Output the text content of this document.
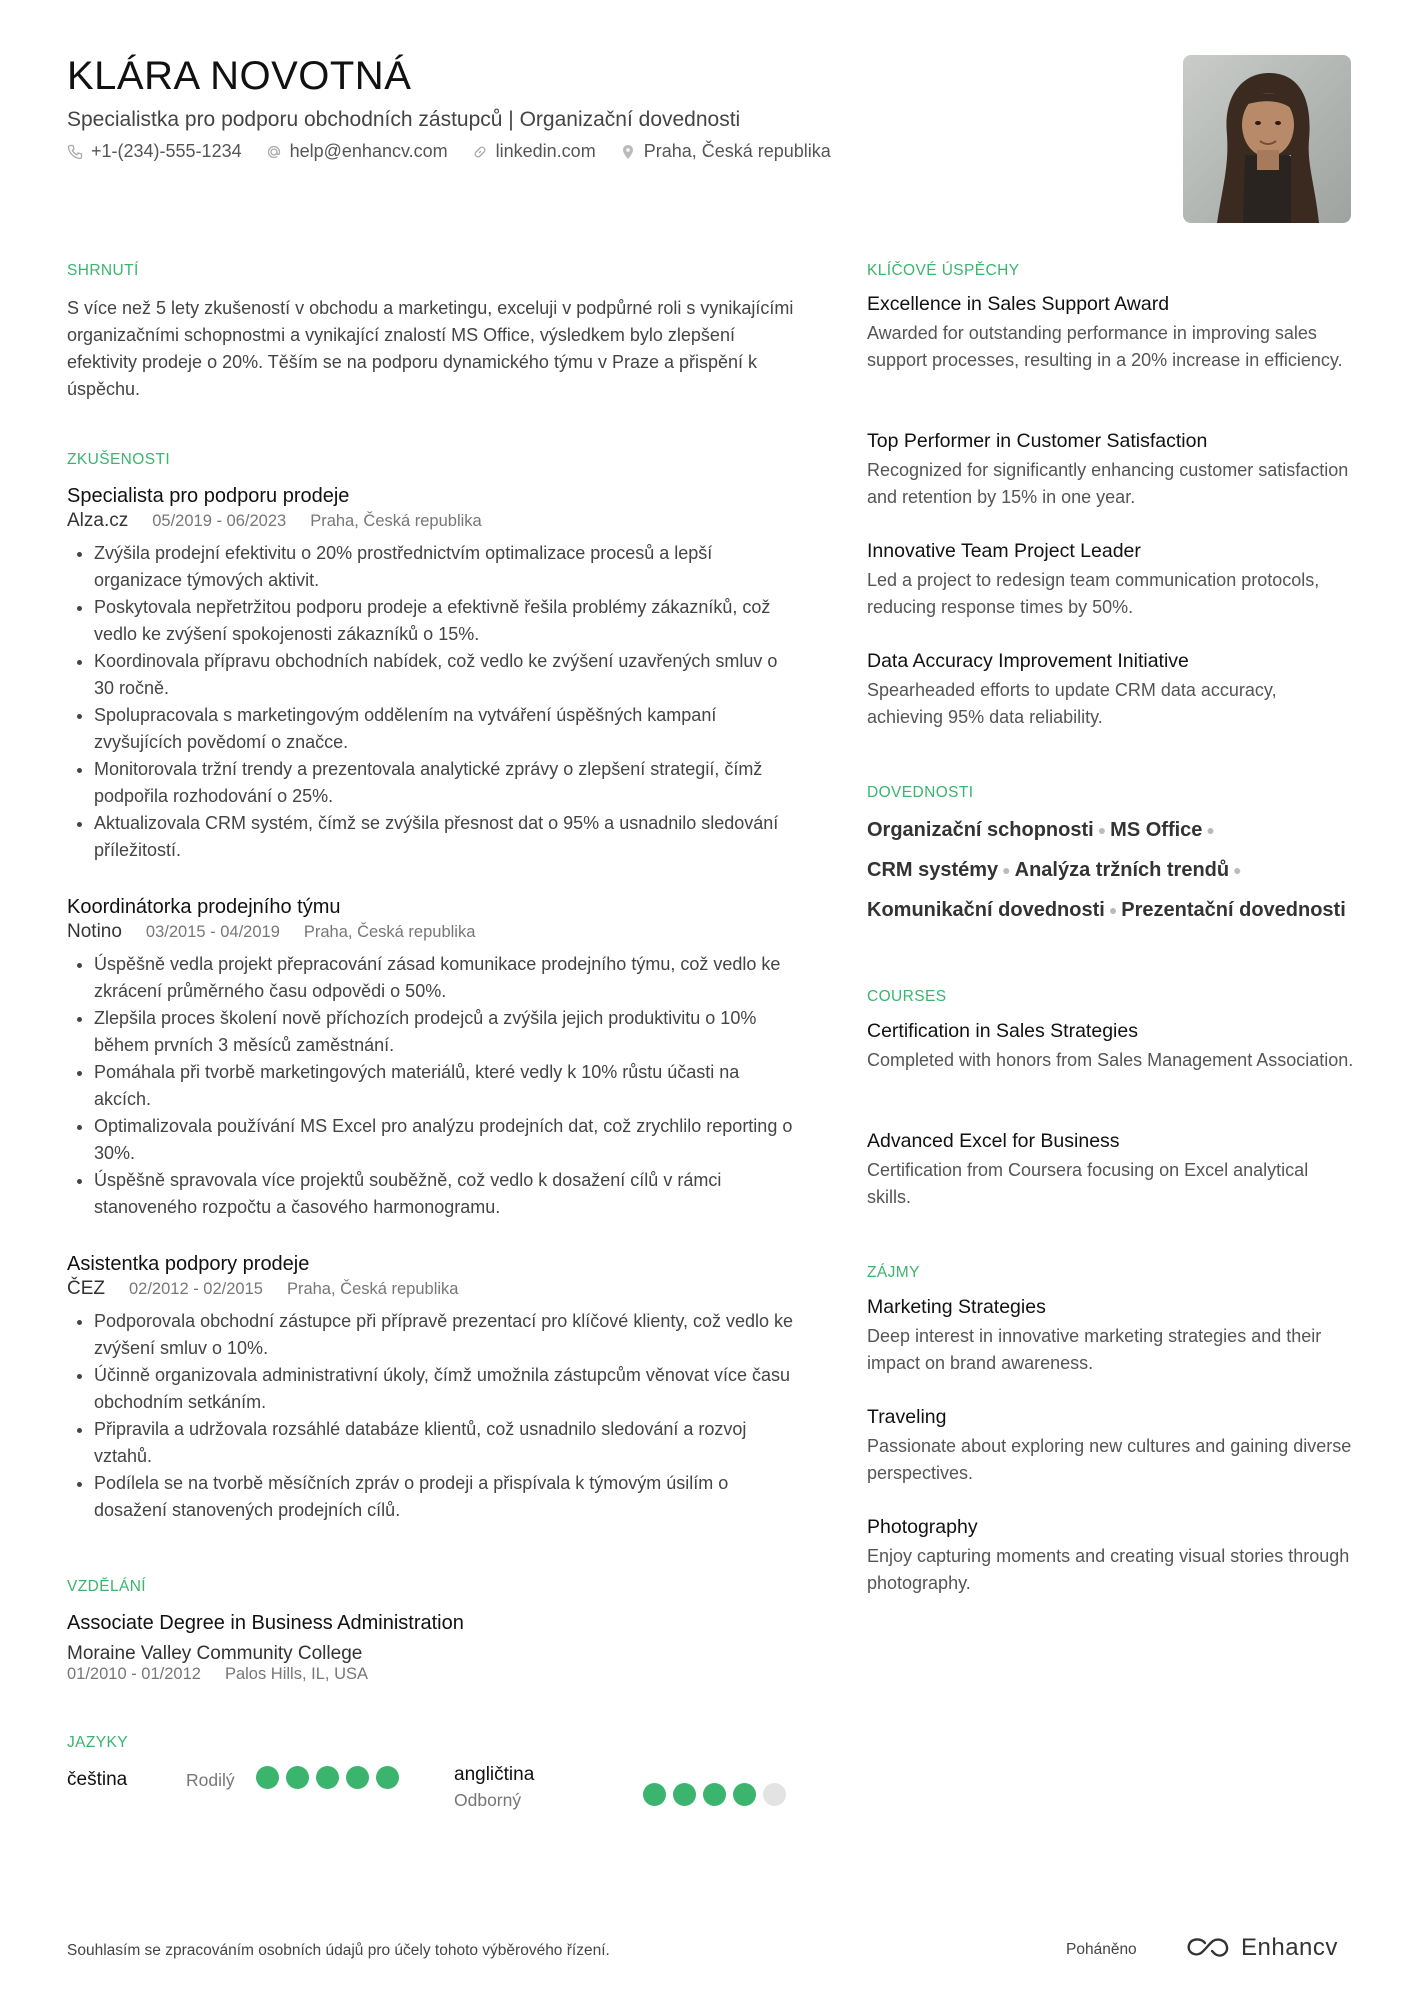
KLÁRA NOVOTNÁ
Specialistka pro podporu obchodních zástupců | Organizační dovednosti
+1-(234)-555-1234	help@enhancv.com	linkedin.com	Praha, Česká republika
SHRNUTÍ

S více než 5 lety zkušeností v obchodu a marketingu, exceluji v podpůrné roli s vynikajícími organizačními schopnostmi a vynikající znalostí MS Office, výsledkem bylo zlepšení efektivity prodeje o 20%. Těším se na podporu dynamického týmu v Praze a přispění k úspěchu.

ZKUŠENOSTI
Specialista pro podporu prodeje
Alza.cz 05/2019 - 06/2023 Praha, Česká republika
• Zvýšila prodejní efektivitu o 20% prostřednictvím optimalizace procesů a lepší organizace týmových aktivit.
• Poskytovala nepřetržitou podporu prodeje a efektivně řešila problémy zákazníků, což vedlo ke zvýšení spokojenosti zákazníků o 15%.
• Koordinovala přípravu obchodních nabídek, což vedlo ke zvýšení uzavřených smluv o 30 ročně.
• Spolupracovala s marketingovým oddělením na vytváření úspěšných kampaní zvyšujících povědomí o značce.
• Monitorovala tržní trendy a prezentovala analytické zprávy o zlepšení strategií, čímž podpořila rozhodování o 25%.
• Aktualizovala CRM systém, čímž se zvýšila přesnost dat o 95% a usnadnilo sledování příležitostí.
Koordinátorka prodejního týmu
Notino 03/2015 - 04/2019 Praha, Česká republika
• Úspěšně vedla projekt přepracování zásad komunikace prodejního týmu, což vedlo ke zkrácení průměrného času odpovědi o 50%.
• Zlepšila proces školení nově příchozích prodejců a zvýšila jejich produktivitu o 10% během prvních 3 měsíců zaměstnání.
• Pomáhala při tvorbě marketingových materiálů, které vedly k 10% růstu účasti na akcích.
• Optimalizovala používání MS Excel pro analýzu prodejních dat, což zrychlilo reporting o 30%.
• Úspěšně spravovala více projektů souběžně, což vedlo k dosažení cílů v rámci stanoveného rozpočtu a časového harmonogramu.
Asistentka podpory prodeje
ČEZ 02/2012 - 02/2015 Praha, Česká republika
• Podporovala obchodní zástupce při přípravě prezentací pro klíčové klienty, což vedlo ke zvýšení smluv o 10%.
• Účinně organizovala administrativní úkoly, čímž umožnila zástupcům věnovat více času obchodním setkáním.
• Připravila a udržovala rozsáhlé databáze klientů, což usnadnilo sledování a rozvoj vztahů.
• Podílela se na tvorbě měsíčních zpráv o prodeji a přispívala k týmovým úsilím o dosažení stanovených prodejních cílů.
VZDĚLÁNÍ
Associate Degree in Business Administration
Moraine Valley Community College
01/2010 - 01/2012 Palos Hills, IL, USA
JAZYKY
čeština	Rodilý	angličtina
Odborný
KLÍČOVÉ ÚSPĚCHY
Excellence in Sales Support Award

Awarded for outstanding performance in improving sales support processes, resulting in a 20% increase in efficiency.

Top Performer in Customer Satisfaction

Recognized for significantly enhancing customer satisfaction and retention by 15% in one year.

Innovative Team Project Leader

Led a project to redesign team communication protocols, reducing response times by 50%.

Data Accuracy Improvement Initiative

Spearheaded efforts to update CRM data accuracy, achieving 95% data reliability.

DOVEDNOSTI
Organizační schopnosti ● MS Office ●
CRM systémy ● Analýza tržních trendů ●
Komunikační dovednosti ● Prezentační dovednosti
COURSES
Certification in Sales Strategies

Completed with honors from Sales Management Association.

Advanced Excel for Business

Certification from Coursera focusing on Excel analytical skills.

ZÁJMY
Marketing Strategies

Deep interest in innovative marketing strategies and their impact on brand awareness.

Traveling

Passionate about exploring new cultures and gaining diverse perspectives.

Photography

Enjoy capturing moments and creating visual stories through photography.

Souhlasím se zpracováním osobních údajů pro účely tohoto výběrového řízení.	Poháněno	Enhancv
